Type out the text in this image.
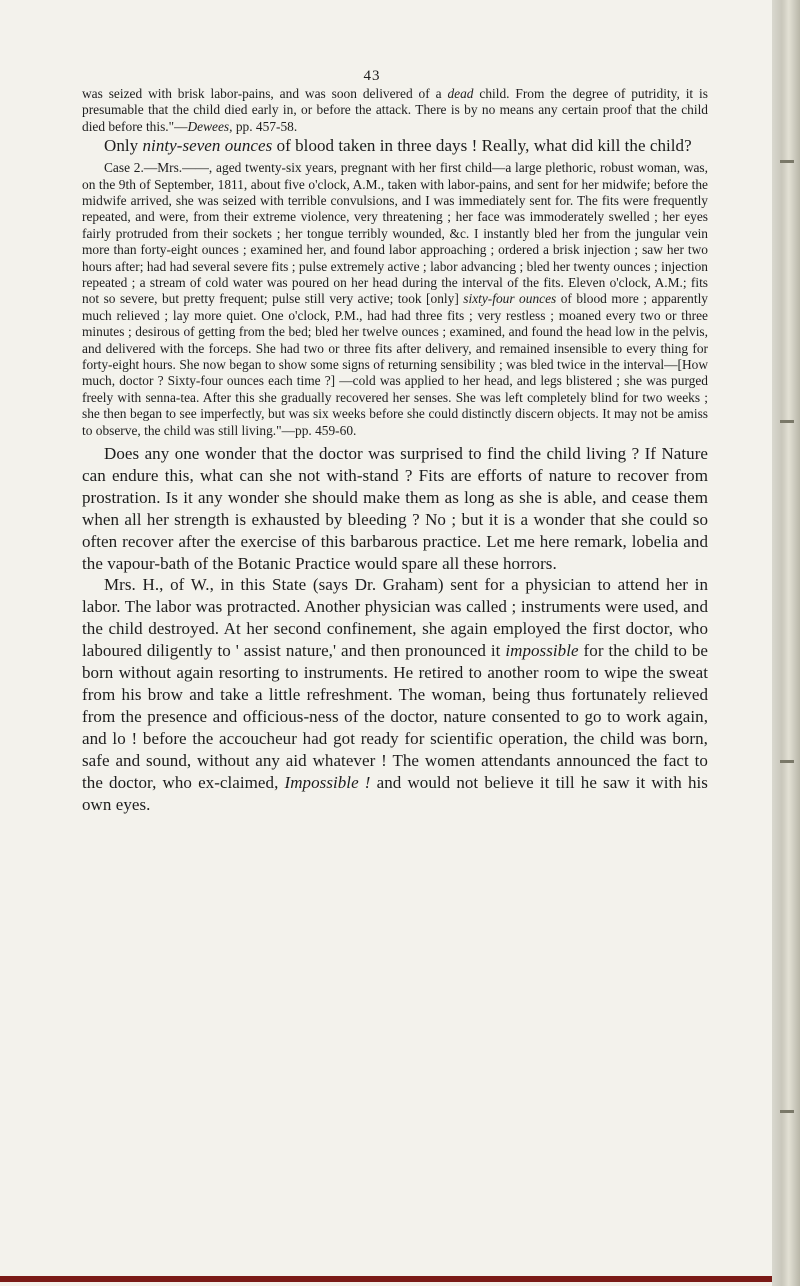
43

was seized with brisk labor-pains, and was soon delivered of a dead child. From the degree of putridity, it is presumable that the child died early in, or before the attack. There is by no means any certain proof that the child died before this."—Dewees, pp. 457-58.

Only ninty-seven ounces of blood taken in three days ! Really, what did kill the child?

Case 2.—Mrs.——, aged twenty-six years, pregnant with her first child—a large plethoric, robust woman, was, on the 9th of September, 1811, about five o'clock, A.M., taken with labor-pains, and sent for her midwife; before the midwife arrived, she was seized with terrible convulsions, and I was immediately sent for. The fits were frequently repeated, and were, from their extreme violence, very threatening ; her face was immoderately swelled ; her eyes fairly protruded from their sockets ; her tongue terribly wounded, &c. I instantly bled her from the jungular vein more than forty-eight ounces ; examined her, and found labor approaching ; ordered a brisk injection ; saw her two hours after; had had several severe fits ; pulse extremely active ; labor advancing ; bled her twenty ounces ; injection repeated ; a stream of cold water was poured on her head during the interval of the fits. Eleven o'clock, A.M.; fits not so severe, but pretty frequent; pulse still very active; took [only] sixty-four ounces of blood more ; apparently much relieved ; lay more quiet. One o'clock, P.M., had had three fits ; very restless ; moaned every two or three minutes ; desirous of getting from the bed; bled her twelve ounces ; examined, and found the head low in the pelvis, and delivered with the forceps. She had two or three fits after delivery, and remained insensible to every thing for forty-eight hours. She now began to show some signs of returning sensibility ; was bled twice in the interval—[How much, doctor ? Sixty-four ounces each time ?] —cold was applied to her head, and legs blistered ; she was purged freely with senna-tea. After this she gradually recovered her senses. She was left completely blind for two weeks ; she then began to see imperfectly, but was six weeks before she could distinctly discern objects. It may not be amiss to observe, the child was still living."—pp. 459-60.

Does any one wonder that the doctor was surprised to find the child living ? If Nature can endure this, what can she not with-stand ? Fits are efforts of nature to recover from prostration. Is it any wonder she should make them as long as she is able, and cease them when all her strength is exhausted by bleeding ? No ; but it is a wonder that she could so often recover after the exercise of this barbarous practice. Let me here remark, lobelia and the vapour-bath of the Botanic Practice would spare all these horrors.

Mrs. H., of W., in this State (says Dr. Graham) sent for a physician to attend her in labor. The labor was protracted. Another physician was called ; instruments were used, and the child destroyed. At her second confinement, she again employed the first doctor, who laboured diligently to ' assist nature,' and then pronounced it impossible for the child to be born without again resorting to instruments. He retired to another room to wipe the sweat from his brow and take a little refreshment. The woman, being thus fortunately relieved from the presence and officious-ness of the doctor, nature consented to go to work again, and lo ! before the accoucheur had got ready for scientific operation, the child was born, safe and sound, without any aid whatever ! The women attendants announced the fact to the doctor, who ex-claimed, Impossible ! and would not believe it till he saw it with his own eyes.
